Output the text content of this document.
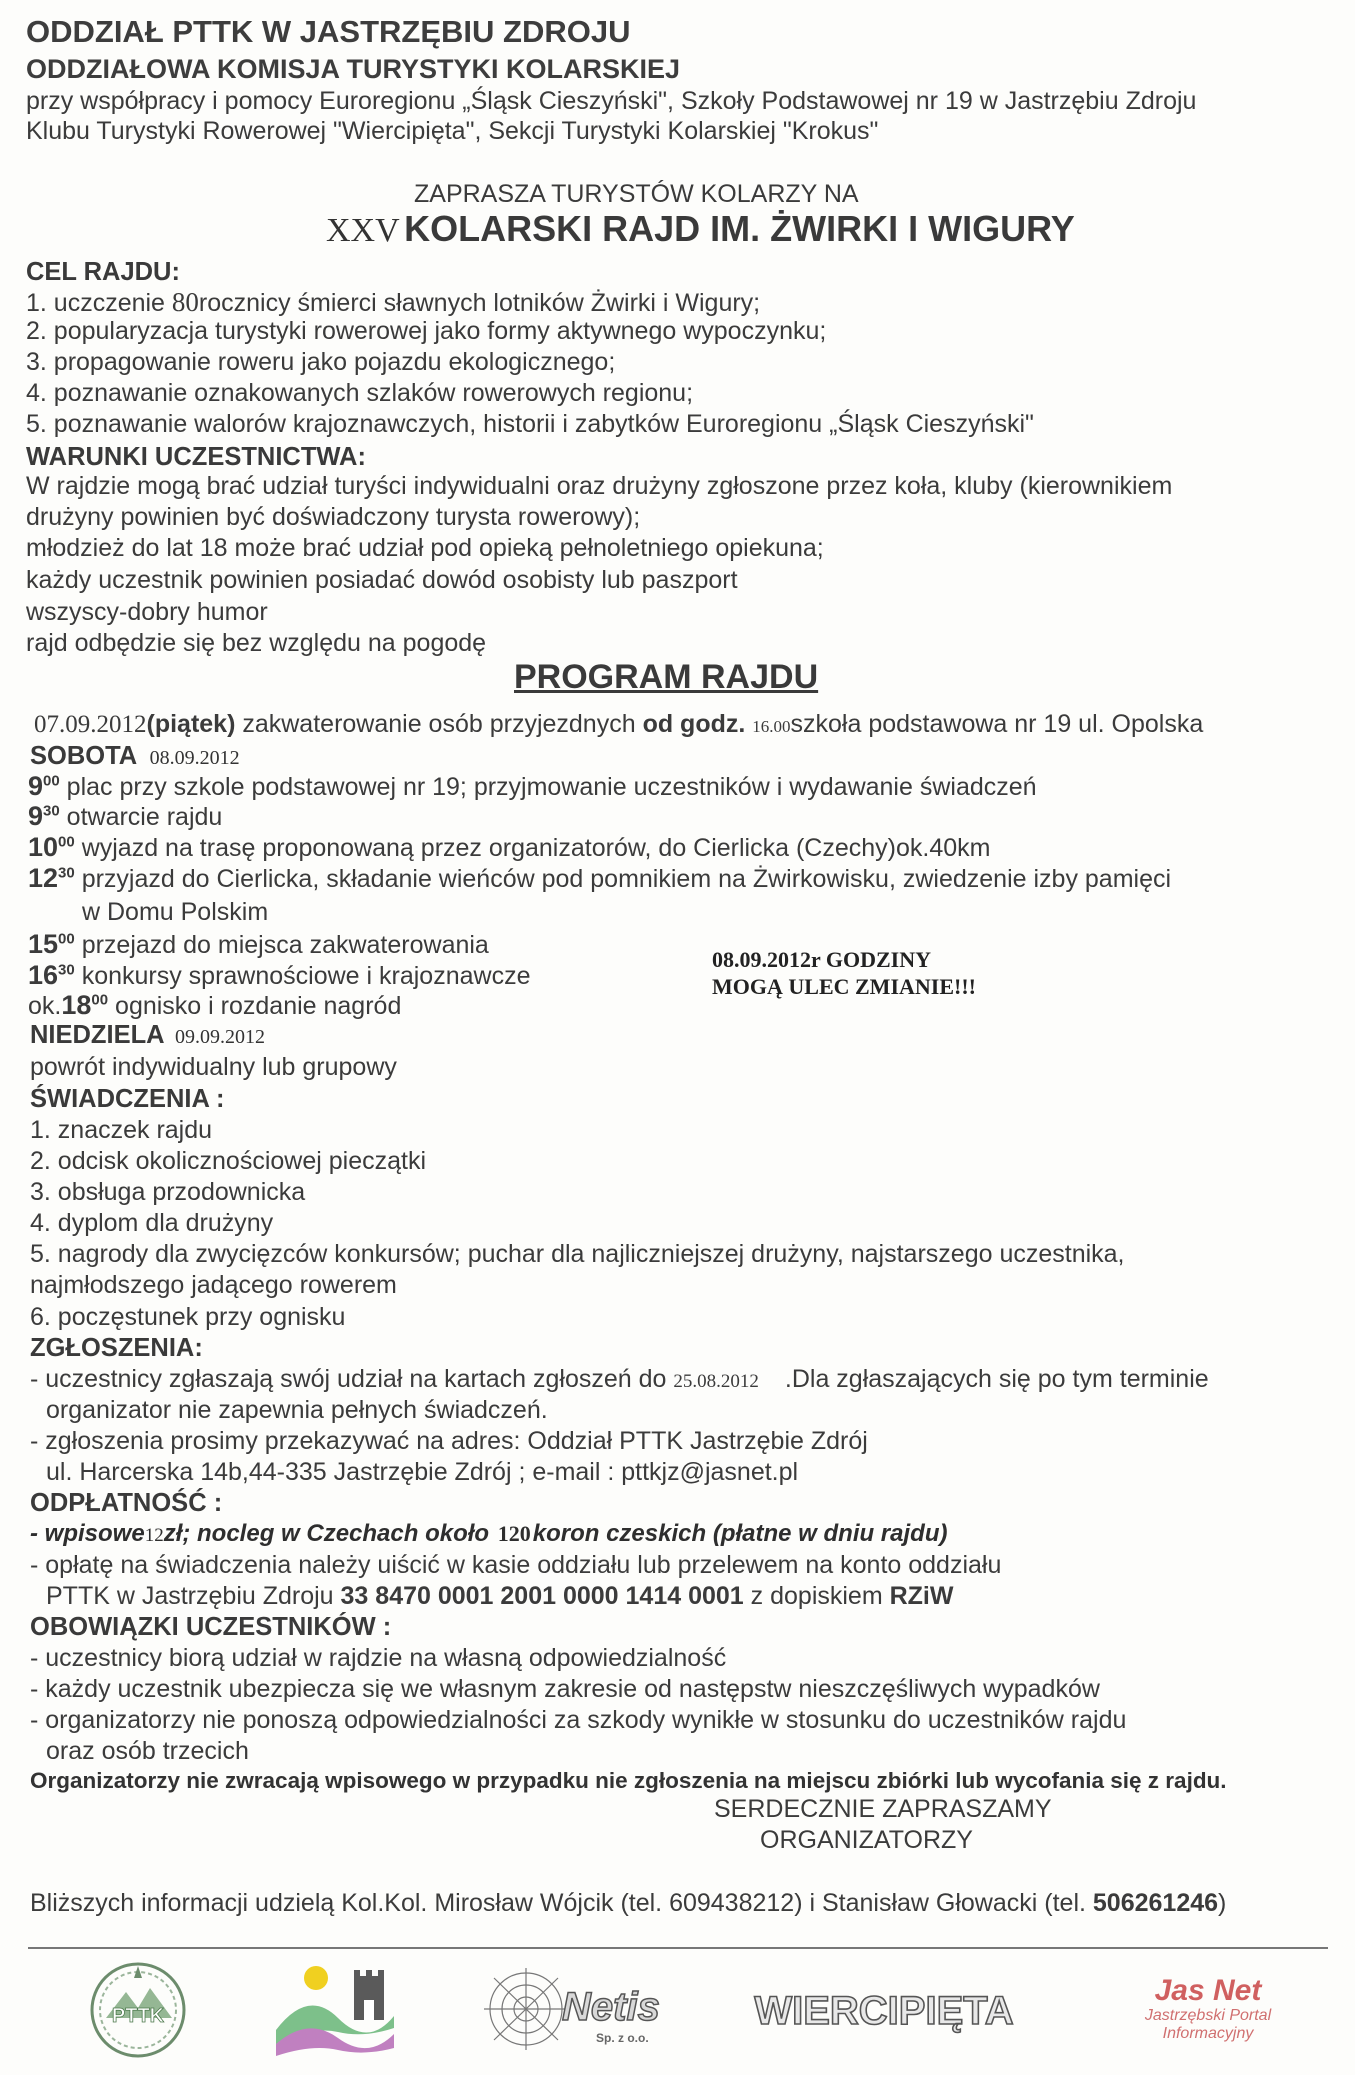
ODDZIAŁ PTTK W JASTRZĘBIU ZDROJU
ODDZIAŁOWA KOMISJA TURYSTYKI KOLARSKIEJ
przy współpracy i pomocy Euroregionu „Śląsk Cieszyński", Szkoły Podstawowej nr 19 w Jastrzębiu Zdroju
Klubu Turystyki Rowerowej "Wiercipięta", Sekcji Turystyki Kolarskiej "Krokus"
ZAPRASZA TURYSTÓW KOLARZY NA
XXV KOLARSKI RAJD IM. ŻWIRKI I WIGURY
CEL RAJDU:
1. uczczenie 80rocznicy śmierci sławnych lotników Żwirki i Wigury;
2. popularyzacja turystyki rowerowej jako formy aktywnego wypoczynku;
3. propagowanie roweru jako pojazdu ekologicznego;
4. poznawanie oznakowanych szlaków rowerowych regionu;
5. poznawanie walorów krajoznawczych, historii i zabytków Euroregionu „Śląsk Cieszyński"
WARUNKI UCZESTNICTWA:
W rajdzie mogą brać udział turyści indywidualni oraz drużyny zgłoszone przez koła, kluby (kierownikiem
drużyny powinien być doświadczony turysta rowerowy);
młodzież do lat 18 może brać udział pod opieką pełnoletniego opiekuna;
każdy uczestnik powinien posiadać dowód osobisty lub paszport
wszyscy-dobry humor
rajd odbędzie się bez względu na pogodę
PROGRAM RAJDU
07.09.2012(piątek) zakwaterowanie osób przyjezdnych od godz. 16.00szkoła podstawowa nr 19 ul. Opolska
SOBOTA 08.09.2012
$9^{00}$ plac przy szkole podstawowej nr 19; przyjmowanie uczestników i wydawanie świadczeń
$9^{30}$ otwarcie rajdu
$10^{00}$ wyjazd na trasę proponowaną przez organizatorów, do Cierlicka (Czechy)ok.40km
$12^{30}$ przyjazd do Cierlicka, składanie wieńców pod pomnikiem na Żwirkowisku, zwiedzenie izby pamięci
w Domu Polskim
$15^{00}$ przejazd do miejsca zakwaterowania
$16^{30}$ konkursy sprawnościowe i krajoznawcze
$ok.18^{00}$ ognisko i rozdanie nagród
08.09.2012r GODZINY
MOGĄ ULEC ZMIANIE!!!
NIEDZIELA 09.09.2012
powrót indywidualny lub grupowy
ŚWIADCZENIA :
1. znaczek rajdu
2. odcisk okolicznościowej pieczątki
3. obsługa przodownicka
4. dyplom dla drużyny
5. nagrody dla zwycięzców konkursów; puchar dla najliczniejszej drużyny, najstarszego uczestnika,
najmłodszego jadącego rowerem
6. poczęstunek przy ognisku
ZGŁOSZENIA:
- uczestnicy zgłaszają swój udział na kartach zgłoszeń do 25.08.2012 .Dla zgłaszających się po tym terminie
organizator nie zapewnia pełnych świadczeń.
- zgłoszenia prosimy przekazywać na adres: Oddział PTTK Jastrzębie Zdrój
ul. Harcerska 14b,44-335 Jastrzębie Zdrój ; e-mail : pttkjz@jasnet.pl
ODPŁATNOŚĆ :
- wpisowe12zł; nocleg w Czechach około 120koron czeskich (płatne w dniu rajdu)
- opłatę na świadczenia należy uiścić w kasie oddziału lub przelewem na konto oddziału
PTTK w Jastrzębiu Zdroju 33 8470 0001 2001 0000 1414 0001 z dopiskiem RZiW
OBOWIĄZKI UCZESTNIKÓW :
- uczestnicy biorą udział w rajdzie na własną odpowiedzialność
- każdy uczestnik ubezpiecza się we własnym zakresie od następstw nieszczęśliwych wypadków
- organizatorzy nie ponoszą odpowiedzialności za szkody wynikłe w stosunku do uczestników rajdu
oraz osób trzecich
Organizatorzy nie zwracają wpisowego w przypadku nie zgłoszenia na miejscu zbiórki lub wycofania się z rajdu.
SERDECZNIE ZAPRASZAMY
ORGANIZATORZY
Bliższych informacji udzielą Kol.Kol. Mirosław Wójcik (tel. 609438212) i Stanisław Głowacki (tel. 506261246)
PTTK	Netis
Sp. z o.o.
WIERCIPIĘTA	Jas Net
Jastrzębski Portal
Informacyjny
